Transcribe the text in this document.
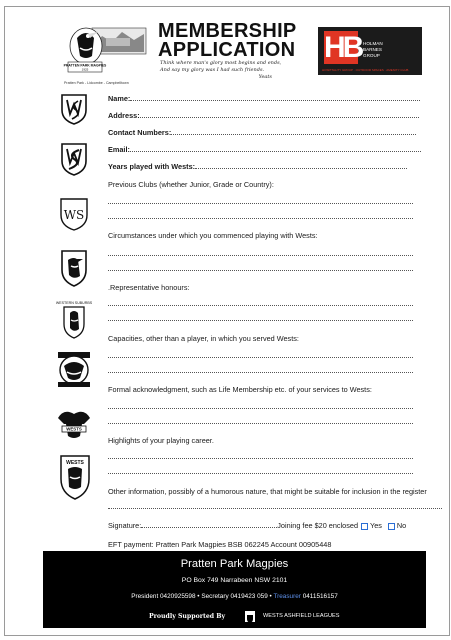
PRATTEN PARK MAGPIES
1925
Pratten Park - Lidcombe - Campbelltown
MEMBERSHIP
APPLICATION
Think where man's glory most begins and ends,
And say my glory was I had such friends.
Yeats
HB HOLMAN
BARNES
GROUP
HOSPITALITY GROUP · OUTDOOR SPACES · AMENITY CLUB
WS
WESTERN SUBURBS
WESTS
WESTS
Name:
Address:
Contact Numbers:
Email:
Years played with Wests:
Previous Clubs (whether Junior, Grade or Country):
Circumstances under which you commenced playing with Wests:
.Representative honours:
Capacities, other than a player, in which you served Wests:
Formal acknowledgment, such as Life Membership etc. of your services to Wests:
Highlights of your playing career.
Other information, possibly of a humorous nature, that might be suitable for inclusion in the register
Signature:	Joining fee $20 enclosed Yes No
EFT payment: Pratten Park Magpies BSB 062245 Account 00905448
Pratten Park Magpies
PO Box 749 Narrabeen NSW 2101
President 0420925598 • Secretary 0419423 059 • Treasurer 0411516157
Proudly Supported By	WESTS ASHFIELD LEAGUES
